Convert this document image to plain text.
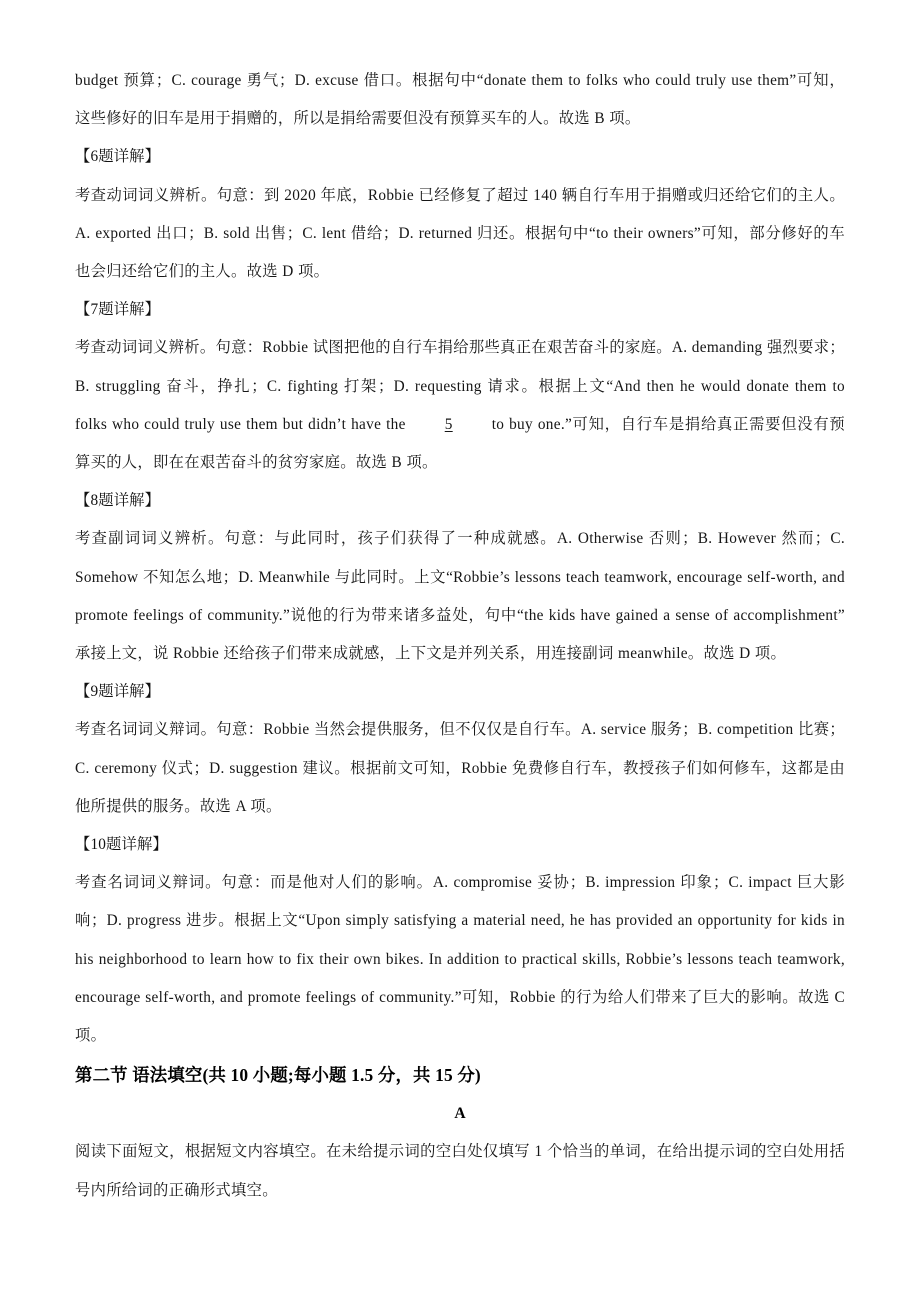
budget 预算；C. courage 勇气；D. excuse 借口。根据句中“donate them to folks who could truly use them”可知，这些修好的旧车是用于捐赠的，所以是捐给需要但没有预算买车的人。故选 B 项。

【6题详解】

考查动词词义辨析。句意：到 2020 年底，Robbie 已经修复了超过 140 辆自行车用于捐赠或归还给它们的主人。A. exported 出口；B. sold 出售；C. lent 借给；D. returned 归还。根据句中“to their owners”可知，部分修好的车也会归还给它们的主人。故选 D 项。

【7题详解】

考查动词词义辨析。句意：Robbie 试图把他的自行车捐给那些真正在艰苦奋斗的家庭。A. demanding 强烈要求；B. struggling 奋斗，挣扎；C. fighting 打架；D. requesting 请求。根据上文“And then he would donate them to folks who could truly use them but didn’t have the	5	to buy one.”可知，自行车是捐给真正需要但没有预算买的人，即在在艰苦奋斗的贫穷家庭。故选 B 项。

【8题详解】

考查副词词义辨析。句意：与此同时，孩子们获得了一种成就感。A. Otherwise 否则；B. However 然而；C. Somehow 不知怎么地；D. Meanwhile 与此同时。上文“Robbie’s lessons teach teamwork, encourage self-worth, and promote feelings of community.”说他的行为带来诸多益处，句中“the kids have gained a sense of accomplishment”承接上文，说 Robbie 还给孩子们带来成就感，上下文是并列关系，用连接副词 meanwhile。故选 D 项。

【9题详解】

考查名词词义辩词。句意：Robbie 当然会提供服务，但不仅仅是自行车。A. service 服务；B. competition 比赛；C. ceremony 仪式；D. suggestion 建议。根据前文可知，Robbie 免费修自行车，教授孩子们如何修车，这都是由他所提供的服务。故选 A 项。

【10题详解】

考查名词词义辩词。句意：而是他对人们的影响。A. compromise 妥协；B. impression 印象；C. impact 巨大影响；D. progress 进步。根据上文“Upon simply satisfying a material need, he has provided an opportunity for kids in his neighborhood to learn how to fix their own bikes. In addition to practical skills, Robbie’s lessons teach teamwork, encourage self-worth, and promote feelings of community.”可知，Robbie 的行为给人们带来了巨大的影响。故选 C 项。

第二节 语法填空(共 10 小题;每小题 1.5 分，共 15 分)

A

阅读下面短文，根据短文内容填空。在未给提示词的空白处仅填写 1 个恰当的单词，在给出提示词的空白处用括号内所给词的正确形式填空。
